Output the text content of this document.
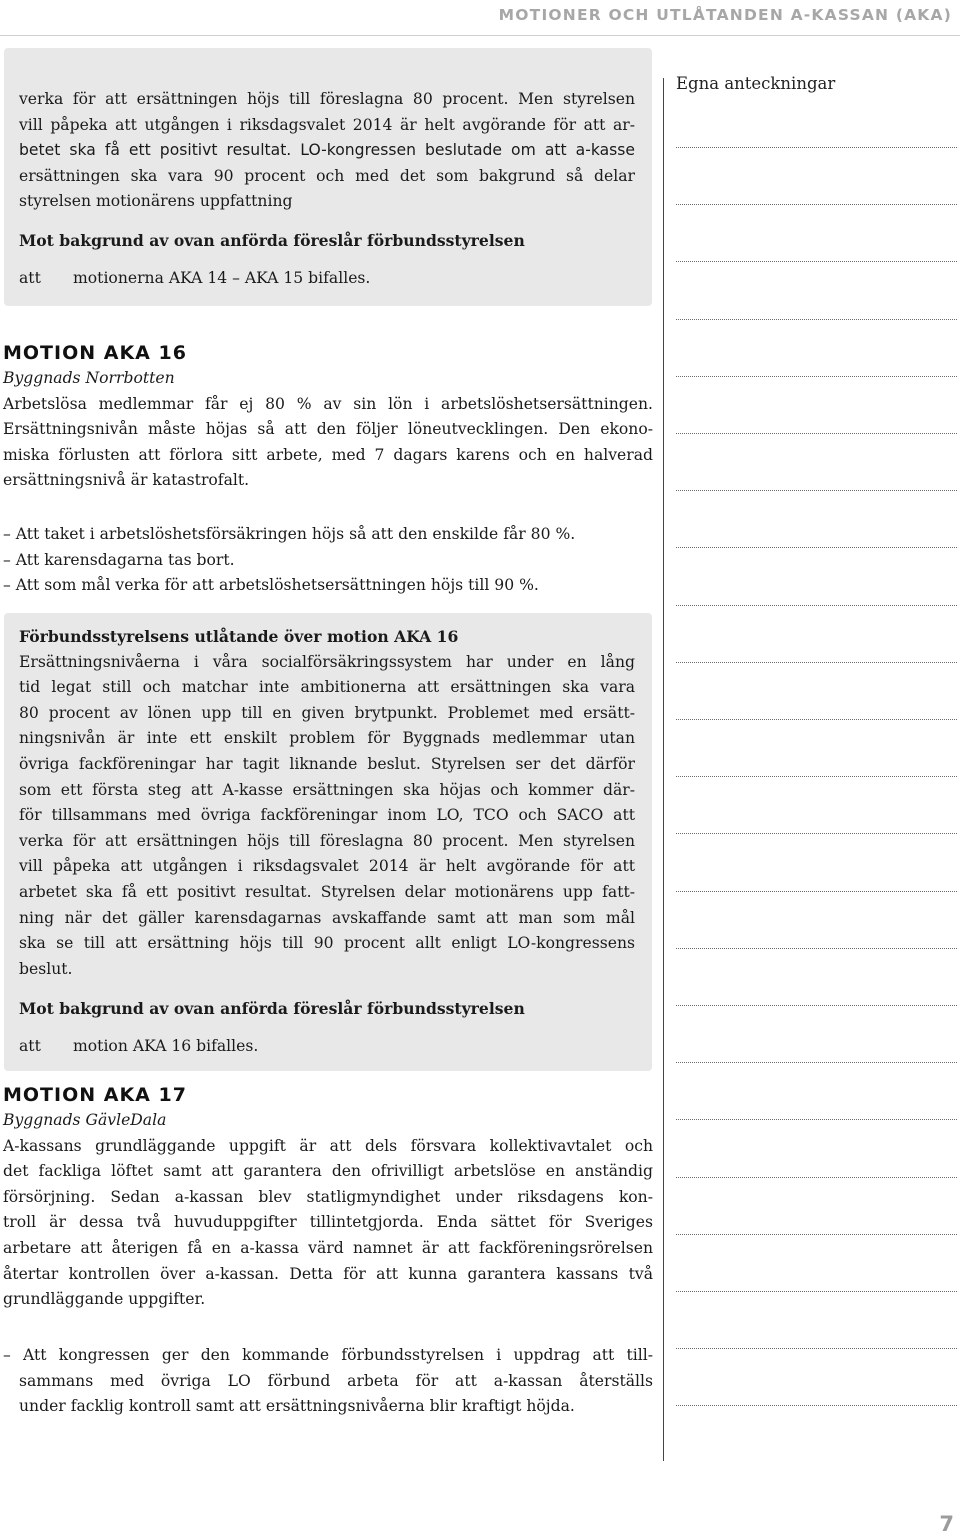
MOTIONER OCH UTLÅTANDEN A-KASSAN (AKA)
verka för att ersättningen höjs till föreslagna 80 procent. Men styrelsen
vill påpeka att utgången i riksdagsvalet 2014 är helt avgörande för att ar-
betet ska få ett positivt resultat. LO-kongressen beslutade om att a-kasse
ersättningen ska vara 90 procent och med det som bakgrund så delar
styrelsen motionärens uppfattning
Mot bakgrund av ovan anförda föreslår förbundsstyrelsen
att motionerna AKA 14 – AKA 15 bifalles.
MOTION AKA 16
Byggnads Norrbotten
Arbetslösa medlemmar får ej 80 % av sin lön i arbetslöshetsersättningen.
Ersättningsnivån måste höjas så att den följer löneutvecklingen. Den ekono-
miska förlusten att förlora sitt arbete, med 7 dagars karens och en halverad
ersättningsnivå är katastrofalt.
– Att taket i arbetslöshetsförsäkringen höjs så att den enskilde får 80 %.
– Att karensdagarna tas bort.
– Att som mål verka för att arbetslöshetsersättningen höjs till 90 %.
Förbundsstyrelsens utlåtande över motion AKA 16
Ersättningsnivåerna i våra socialförsäkringssystem har under en lång
tid legat still och matchar inte ambitionerna att ersättningen ska vara
80 procent av lönen upp till en given brytpunkt. Problemet med ersätt-
ningsnivån är inte ett enskilt problem för Byggnads medlemmar utan
övriga fackföreningar har tagit liknande beslut. Styrelsen ser det därför
som ett första steg att A-kasse ersättningen ska höjas och kommer där-
för tillsammans med övriga fackföreningar inom LO, TCO och SACO att
verka för att ersättningen höjs till föreslagna 80 procent. Men styrelsen
vill påpeka att utgången i riksdagsvalet 2014 är helt avgörande för att
arbetet ska få ett positivt resultat. Styrelsen delar motionärens upp fatt-
ning när det gäller karensdagarnas avskaffande samt att man som mål
ska se till att ersättning höjs till 90 procent allt enligt LO-kongressens
beslut.
Mot bakgrund av ovan anförda föreslår förbundsstyrelsen
att motion AKA 16 bifalles.
MOTION AKA 17
Byggnads GävleDala
A-kassans grundläggande uppgift är att dels försvara kollektivavtalet och
det fackliga löftet samt att garantera den ofrivilligt arbetslöse en anständig
försörjning. Sedan a-kassan blev statligmyndighet under riksdagens kon-
troll är dessa två huvuduppgifter tillintetgjorda. Enda sättet för Sveriges
arbetare att återigen få en a-kassa värd namnet är att fackföreningsrörelsen
återtar kontrollen över a-kassan. Detta för att kunna garantera kassans två
grundläggande uppgifter.
– Att kongressen ger den kommande förbundsstyrelsen i uppdrag att till-
sammans med övriga LO förbund arbeta för att a-kassan återställs
under facklig kontroll samt att ersättningsnivåerna blir kraftigt höjda.
Egna anteckningar
7
